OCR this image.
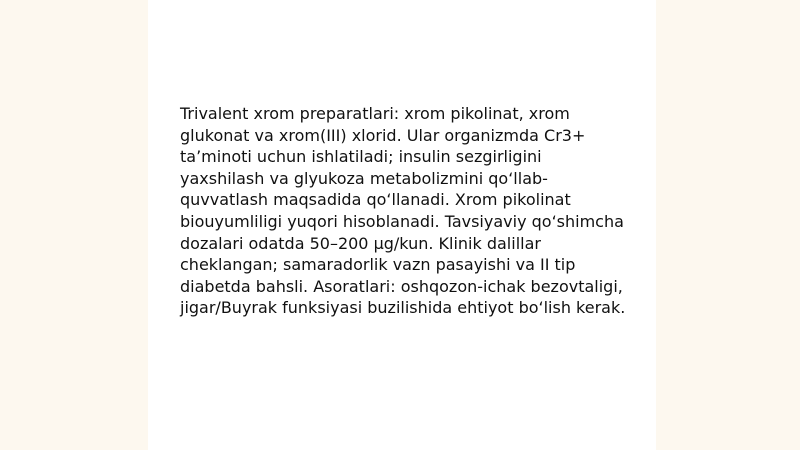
Trivalent xrom preparatlari: xrom pikolinat, xrom glukonat va xrom(III) xlorid. Ular organizmda Cr3+ ta’minoti uchun ishlatiladi; insulin sezgirligini yaxshilash va glyukoza metabolizmini qo‘llab-quvvatlash maqsadida qo‘llanadi. Xrom pikolinat biouyumliligi yuqori hisoblanadi. Tavsiyaviy qo‘shimcha dozalari odatda 50–200 µg/kun. Klinik dalillar cheklangan; samaradorlik vazn pasayishi va II tip diabetda bahsli. Asoratlari: oshqozon-ichak bezovtaligi, jigar/Buyrak funksiyasi buzilishida ehtiyot bo‘lish kerak.
